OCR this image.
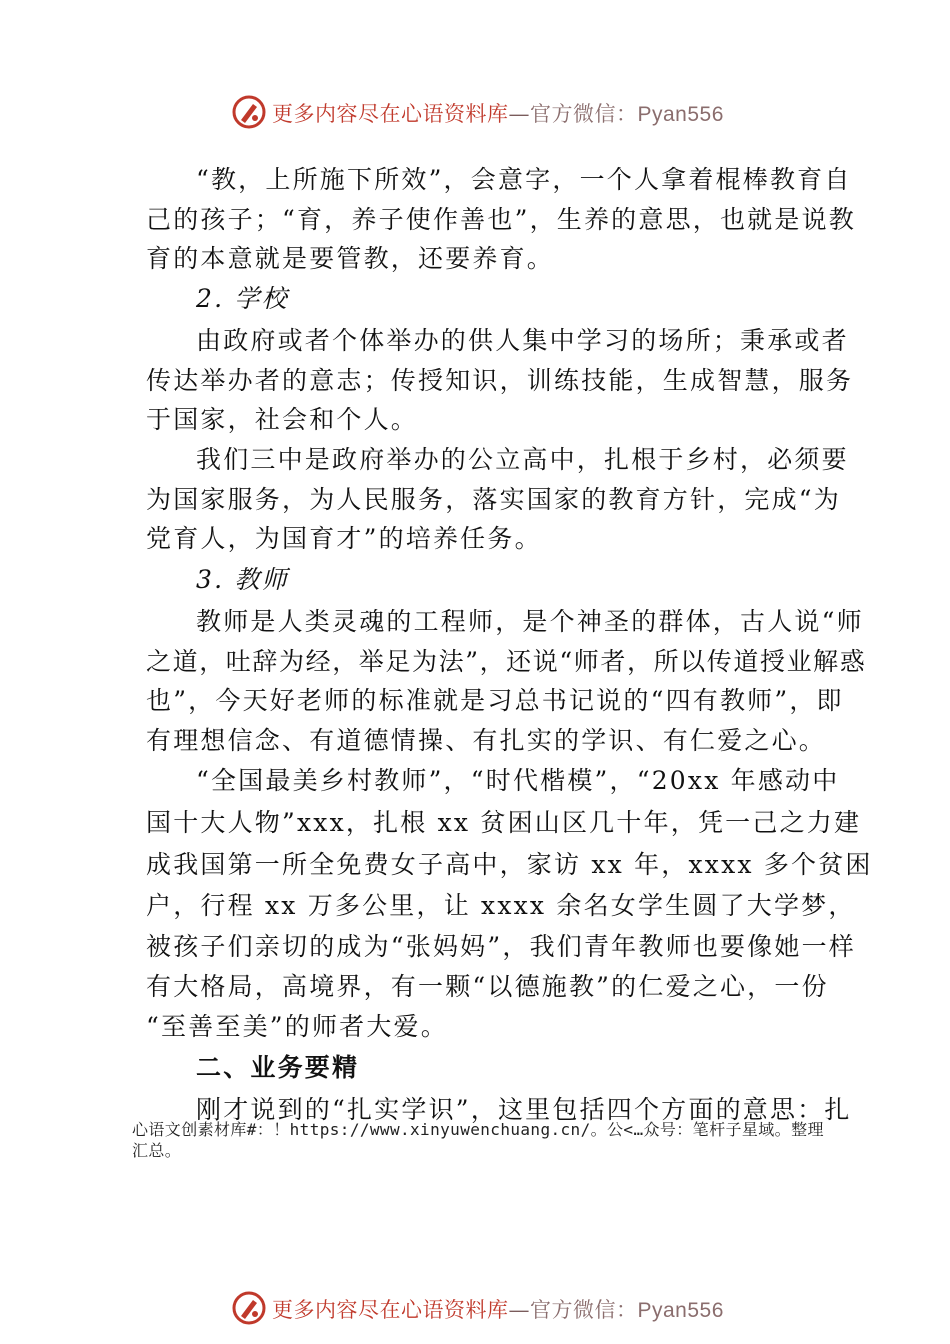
更多内容尽在心语资料库—官方微信：Pyan556
“教，上所施下所效”，会意字，一个人拿着棍棒教育自
己的孩子；“育，养子使作善也”，生养的意思，也就是说教
育的本意就是要管教，还要养育。
2. 学校
由政府或者个体举办的供人集中学习的场所；秉承或者
传达举办者的意志；传授知识，训练技能，生成智慧，服务
于国家，社会和个人。
我们三中是政府举办的公立高中，扎根于乡村，必须要
为国家服务，为人民服务，落实国家的教育方针，完成“为
党育人，为国育才”的培养任务。
3. 教师
教师是人类灵魂的工程师，是个神圣的群体，古人说“师
之道，吐辞为经，举足为法”，还说“师者，所以传道授业解惑
也”，今天好老师的标准就是习总书记说的“四有教师”，即
有理想信念、有道德情操、有扎实的学识、有仁爱之心。
“全国最美乡村教师”，“时代楷模”，“20xx 年感动中
国十大人物”xxx，扎根 xx 贫困山区几十年，凭一己之力建
成我国第一所全免费女子高中，家访 xx 年，xxxx 多个贫困
户，行程 xx 万多公里，让 xxxx 余名女学生圆了大学梦，
被孩子们亲切的成为“张妈妈”，我们青年教师也要像她一样
有大格局，高境界，有一颗“以德施教”的仁爱之心，一份
“至善至美”的师者大爱。
二、业务要精
刚才说到的“扎实学识”，这里包括四个方面的意思：扎
心语文创素材库#：！https://www.xinyuwenchuang.cn/。公<…众号：笔杆子星域。整理
汇总。
更多内容尽在心语资料库—官方微信：Pyan556
